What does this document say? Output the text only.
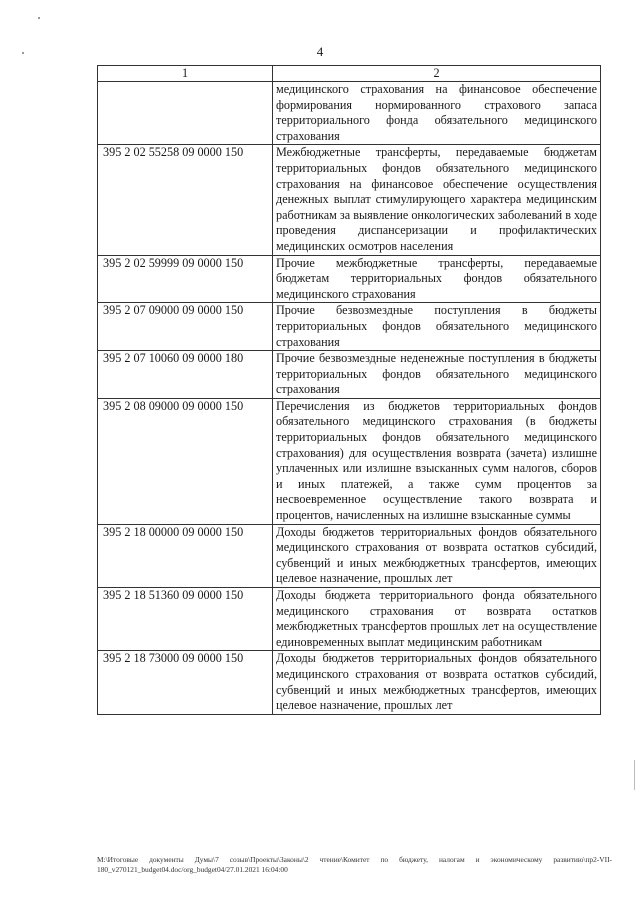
4
1	2
	медицинского страхования на финансовое обеспечение формирования нормированного страхового запаса территориального фонда обязательного медицинского страхования
395 2 02 55258 09 0000 150	Межбюджетные трансферты, передаваемые бюджетам территориальных фондов обязательного медицинского страхования на финансовое обеспечение осуществления денежных выплат стимулирующего характера медицинским работникам за выявление онкологических заболеваний в ходе проведения диспансеризации и профилактических медицинских осмотров населения
395 2 02 59999 09 0000 150	Прочие межбюджетные трансферты, передаваемые бюджетам территориальных фондов обязательного медицинского страхования
395 2 07 09000 09 0000 150	Прочие безвозмездные поступления в бюджеты территориальных фондов обязательного медицинского страхования
395 2 07 10060 09 0000 180	Прочие безвозмездные неденежные поступления в бюджеты территориальных фондов обязательного медицинского страхования
395 2 08 09000 09 0000 150	Перечисления из бюджетов территориальных фондов обязательного медицинского страхования (в бюджеты территориальных фондов обязательного медицинского страхования) для осуществления возврата (зачета) излишне уплаченных или излишне взысканных сумм налогов, сборов и иных платежей, а также сумм процентов за несвоевременное осуществление такого возврата и процентов, начисленных на излишне взысканные суммы
395 2 18 00000 09 0000 150	Доходы бюджетов территориальных фондов обязательного медицинского страхования от возврата остатков субсидий, субвенций и иных межбюджетных трансфертов, имеющих целевое назначение, прошлых лет
395 2 18 51360 09 0000 150	Доходы бюджета территориального фонда обязательного медицинского страхования от возврата остатков межбюджетных трансфертов прошлых лет на осуществление единовременных выплат медицинским работникам
395 2 18 73000 09 0000 150	Доходы бюджетов территориальных фондов обязательного медицинского страхования от возврата остатков субсидий, субвенций и иных межбюджетных трансфертов, имеющих целевое назначение, прошлых лет
M:\Итоговые документы Думы\7 созыв\Проекты\Законы\2 чтение\Комитет по бюджету, налогам и экономическому развитию\пр2-VII-180_v270121_budget04.doc/org_budget04/27.01.2021 16:04:00
